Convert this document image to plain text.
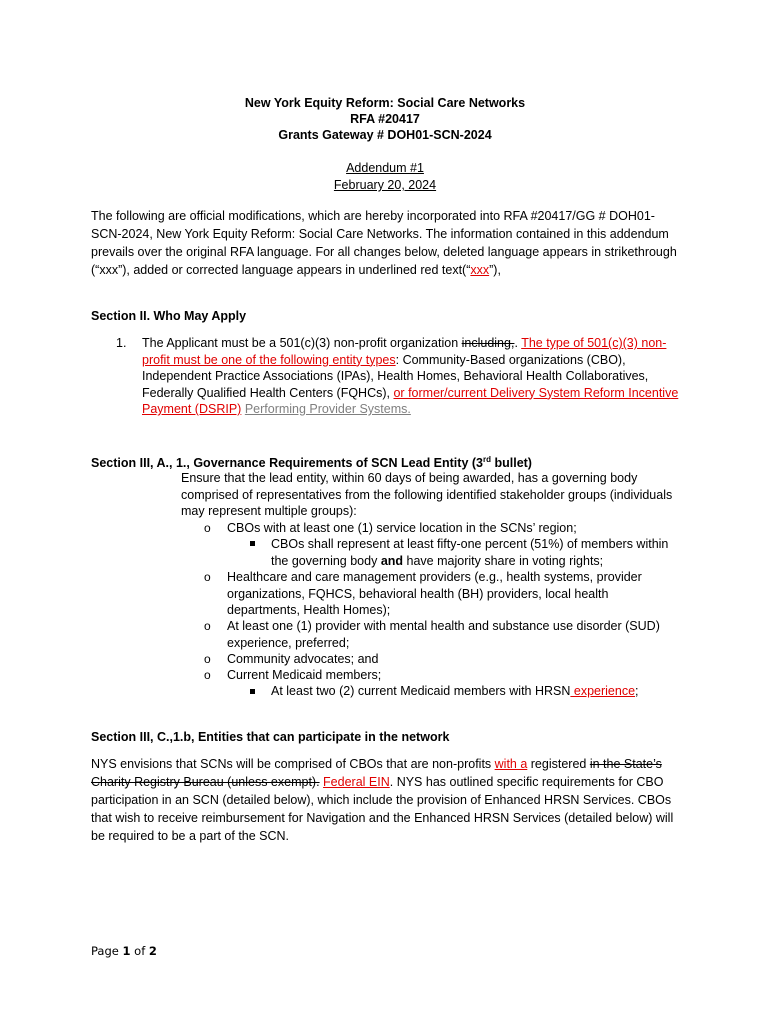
New York Equity Reform: Social Care Networks
RFA #20417
Grants Gateway # DOH01-SCN-2024
Addendum #1
February 20, 2024

The following are official modifications, which are hereby incorporated into RFA #20417/GG # DOH01-SCN-2024, New York Equity Reform: Social Care Networks. The information contained in this addendum prevails over the original RFA language. For all changes below, deleted language appears in strikethrough (“xxx”), added or corrected language appears in underlined red text(“xxx”),

Section II. Who May Apply
1. The Applicant must be a 501(c)(3) non-profit organization including,. The type of 501(c)(3) non-profit must be one of the following entity types: Community-Based organizations (CBO), Independent Practice Associations (IPAs), Health Homes, Behavioral Health Collaboratives, Federally Qualified Health Centers (FQHCs), or former/current Delivery System Reform Incentive Payment (DSRIP) Performing Provider Systems.

Section III, A., 1., Governance Requirements of SCN Lead Entity (3rd bullet)

Ensure that the lead entity, within 60 days of being awarded, has a governing body comprised of representatives from the following identified stakeholder groups (individuals may represent multiple groups):

o CBOs with at least one (1) service location in the SCNs’ region;

CBOs shall represent at least fifty-one percent (51%) of members within the governing body and have majority share in voting rights;

o Healthcare and care management providers (e.g., health systems, provider organizations, FQHCS, behavioral health (BH) providers, local health departments, Health Homes);

o At least one (1) provider with mental health and substance use disorder (SUD) experience, preferred;

o Community advocates; and

o Current Medicaid members;

At least two (2) current Medicaid members with HRSN experience;

Section III, C.,1.b, Entities that can participate in the network

NYS envisions that SCNs will be comprised of CBOs that are non-profits with a registered in the State’s Charity Registry Bureau (unless exempt). Federal EIN. NYS has outlined specific requirements for CBO participation in an SCN (detailed below), which include the provision of Enhanced HRSN Services. CBOs that wish to receive reimbursement for Navigation and the Enhanced HRSN Services (detailed below) will be required to be a part of the SCN.

Page 1 of 2
